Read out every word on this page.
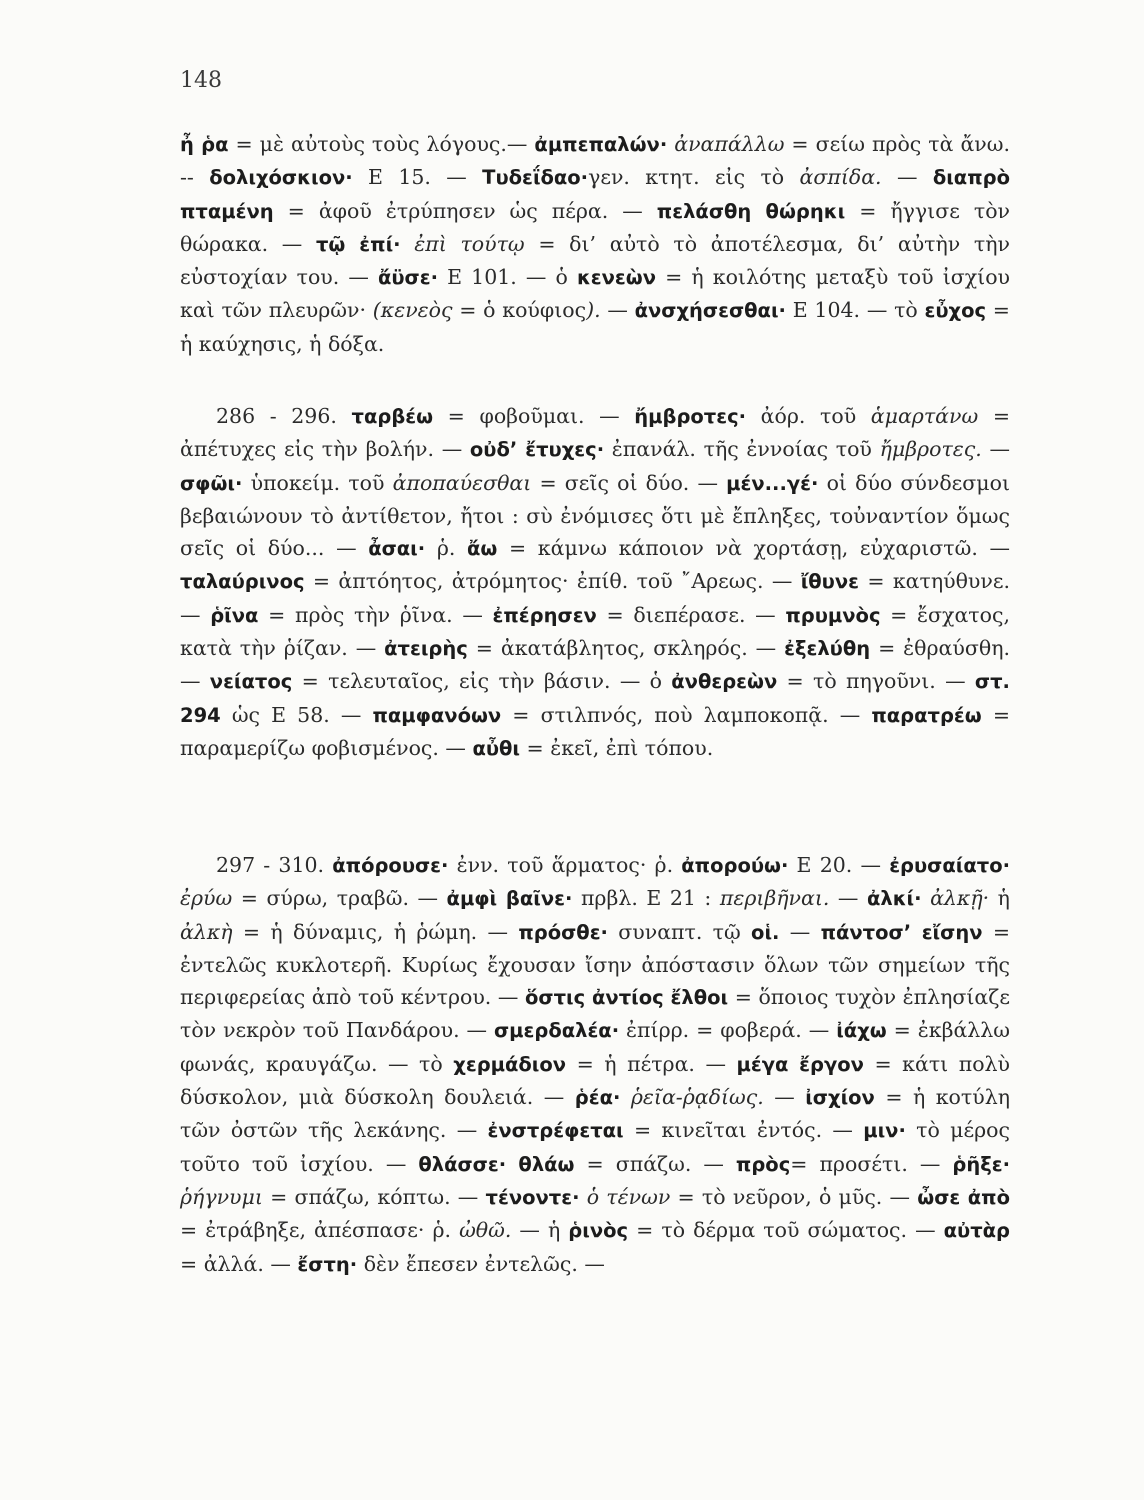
148

ἦ ῥα = μὲ αὐτοὺς τοὺς λόγους.— ἀμπεπαλών· ἀναπάλλω = σείω πρὸς τὰ ἄνω. -- δολιχόσκιον· Ε 15. — Τυδεΐδαο·γεν. κτητ. εἰς τὸ ἀσπίδα. — διαπρὸ πταμένη = ἀφοῦ ἐτρύπησεν ὡς πέρα. — πελάσθη θώρηκι = ἤγγισε τὸν θώρακα. — τῷ ἐπί· ἐπὶ τούτῳ = δι’ αὐτὸ τὸ ἀποτέλεσμα, δι’ αὐτὴν τὴν εὐστοχίαν του. — ἄϋσε· Ε 101. — ὁ κενεὼν = ἡ κοιλότης μεταξὺ τοῦ ἰσχίου καὶ τῶν πλευρῶν· (κενεὸς = ὁ κούφιος). — ἀνσχήσεσθαι· Ε 104. — τὸ εὖχος = ἡ καύχησις, ἡ δόξα.

286 - 296. ταρβέω = φοβοῦμαι. — ἤμβροτες· ἀόρ. τοῦ ἁμαρτάνω = ἀπέτυχες εἰς τὴν βολήν. — οὐδ’ ἔτυχες· ἐπανάλ. τῆς ἐννοίας τοῦ ἤμβροτες. — σφῶι· ὑποκείμ. τοῦ ἀποπαύεσθαι = σεῖς οἱ δύο. — μέν...γέ· οἱ δύο σύνδεσμοι βεβαιώνουν τὸ ἀντίθετον, ἤτοι : σὺ ἐνόμισες ὅτι μὲ ἔπληξες, τοὐναντίον ὅμως σεῖς οἱ δύο... — ἆσαι· ῥ. ἄω = κάμνω κάποιον νὰ χορτάσῃ, εὐχαριστῶ. — ταλαύρινος = ἀπτόητος, ἀτρόμητος· ἐπίθ. τοῦ ῎Αρεως. — ἴθυνε = κατηύθυνε. — ῥῖνα = πρὸς τὴν ῥῖνα. — ἐπέρησεν = διεπέρασε. — πρυμνὸς = ἔσχατος, κατὰ τὴν ῥίζαν. — ἀτειρὴς = ἀκατάβλητος, σκληρός. — ἐξελύθη = ἐθραύσθη. — νείατος = τελευταῖος, εἰς τὴν βάσιν. — ὁ ἀνθερεὼν = τὸ πηγοῦνι. — στ. 294 ὡς Ε 58. — παμφανόων = στιλπνός, ποὺ λαμποκοπᾷ. — παρατρέω = παραμερίζω φοβισμένος. — αὖθι = ἐκεῖ, ἐπὶ τόπου.

297 - 310. ἀπόρουσε· ἐνν. τοῦ ἅρματος· ῥ. ἀπορούω· Ε 20. — ἐρυσαίατο· ἐρύω = σύρω, τραβῶ. — ἀμφὶ βαῖνε· πρβλ. Ε 21 : περιβῆναι. — ἀλκί· ἀλκῇ· ἡ ἀλκὴ = ἡ δύναμις, ἡ ῥώμη. — πρόσθε· συναπτ. τῷ οἱ. — πάντοσ’ εἴσην = ἐντελῶς κυκλοτερῆ. Κυρίως ἔχουσαν ἴσην ἀπόστασιν ὅλων τῶν σημείων τῆς περιφερείας ἀπὸ τοῦ κέντρου. — ὅστις ἀντίος ἔλθοι = ὅποιος τυχὸν ἐπλησίαζε τὸν νεκρὸν τοῦ Πανδάρου. — σμερδαλέα· ἐπίρρ. = φοβερά. — ἰάχω = ἐκβάλλω φωνάς, κραυγάζω. — τὸ χερμάδιον = ἡ πέτρα. — μέγα ἔργον = κάτι πολὺ δύσκολον, μιὰ δύσκολη δουλειά. — ῥέα· ῥεῖα-ῥᾳδίως. — ἰσχίον = ἡ κοτύλη τῶν ὀστῶν τῆς λεκάνης. — ἐνστρέφεται = κινεῖται ἐντός. — μιν· τὸ μέρος τοῦτο τοῦ ἰσχίου. — θλάσσε· θλάω = σπάζω. — πρὸς= προσέτι. — ῥῆξε· ῥήγνυμι = σπάζω, κόπτω. — τένοντε· ὁ τένων = τὸ νεῦρον, ὁ μῦς. — ὦσε ἀπὸ = ἐτράβηξε, ἀπέσπασε· ῥ. ὠθῶ. — ἡ ῥινὸς = τὸ δέρμα τοῦ σώματος. — αὐτὰρ = ἀλλά. — ἔστη· δὲν ἔπεσεν ἐντελῶς. —
